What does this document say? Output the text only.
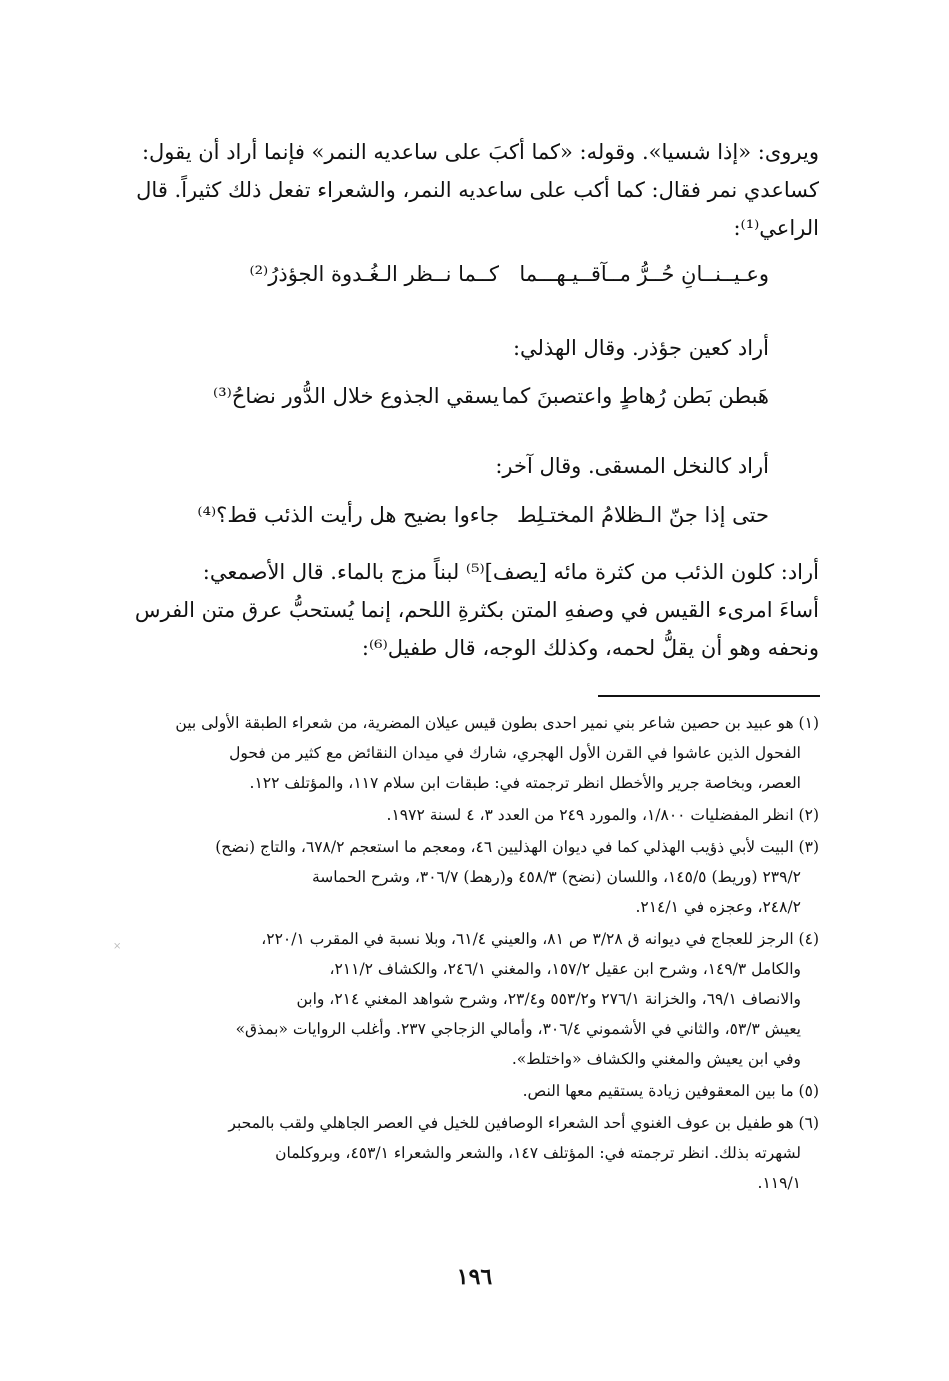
ويروى: «إذا شسيا». وقوله: «كما أكبَ على ساعديه النمر» فإنما أراد أن يقول:
كساعدي نمر فقال: كما أكب على ساعديه النمر، والشعراء تفعل ذلك كثيراً. قال
الراعي⁽¹⁾:
وعـيــنــانِ حُــرُّ مــآقــيـهـــما
كــما نــظر الـغُـدوة الجؤذرُ⁽²⁾
أراد كعين جؤذر. وقال الهذلي:
هَبطن بَطن رُهاطٍ واعتصبنَ كما
يسقي الجذوع خلال الدُّور نضاحُ⁽³⁾
أراد كالنخل المسقى. وقال آخر:
حتى إذا جنّ الـظلامُ المختـلِط
جاءوا بضيح هل رأيت الذئب قط؟⁽⁴⁾
أراد: كلون الذئب من كثرة مائه [يصف]⁽⁵⁾ لبناً مزج بالماء. قال الأصمعي:
أساءَ امرىء القيس في وصفهِ المتن بكثرةِ اللحم، إنما يُستحبُّ عرق متن الفرس
ونحفه وهو أن يقلُّ لحمه، وكذلك الوجه، قال طفيل⁽⁶⁾:
(١) هو عبيد بن حصين شاعر بني نمير احدى بطون قيس عيلان المضرية، من شعراء الطبقة الأولى بين
الفحول الذين عاشوا في القرن الأول الهجري، شارك في ميدان النقائض مع كثير من فحول
العصر، وبخاصة جرير والأخطل انظر ترجمته في: طبقات ابن سلام ١١٧، والمؤتلف ١٢٢.
(٢) انظر المفضليات ١/٨٠٠، والمورد ٢٤٩ من العدد ٣، ٤ لسنة ١٩٧٢.
(٣) البيت لأبي ذؤيب الهذلي كما في ديوان الهذليين ٤٦، ومعجم ما استعجم ٦٧٨/٢، والتاج (نضح)
٢٣٩/٢ (وريط) ١٤٥/٥، واللسان (نضح) ٤٥٨/٣ و(رهط) ٣٠٦/٧، وشرح الحماسة
٢٤٨/٢، وعجزه في ٢١٤/١.
(٤) الرجز للعجاج في ديوانه ق ٣/٢٨ ص ٨١، والعيني ٦١/٤، وبلا نسبة في المقرب ٢٢٠/١،
والكامل ١٤٩/٣، وشرح ابن عقيل ١٥٧/٢، والمغني ٢٤٦/١، والكشاف ٢١١/٢،
والانصاف ٦٩/١، والخزانة ٢٧٦/١ و٥٥٣/٢ و٢٣/٤، وشرح شواهد المغني ٢١٤، وابن
يعيش ٥٣/٣، والثاني في الأشموني ٣٠٦/٤، وأمالي الزجاجي ٢٣٧. وأغلب الروايات «بمذق»
وفي ابن يعيش والمغني والكشاف «واختلط».
(٥) ما بين المعقوفين زيادة يستقيم معها النص.
(٦) هو طفيل بن عوف الغنوي أحد الشعراء الوصافين للخيل في العصر الجاهلي ولقب بالمحبر
لشهرته بذلك. انظر ترجمته في: المؤتلف ١٤٧، والشعر والشعراء ٤٥٣/١، وبروكلمان
١١٩/١.
١٩٦
×
